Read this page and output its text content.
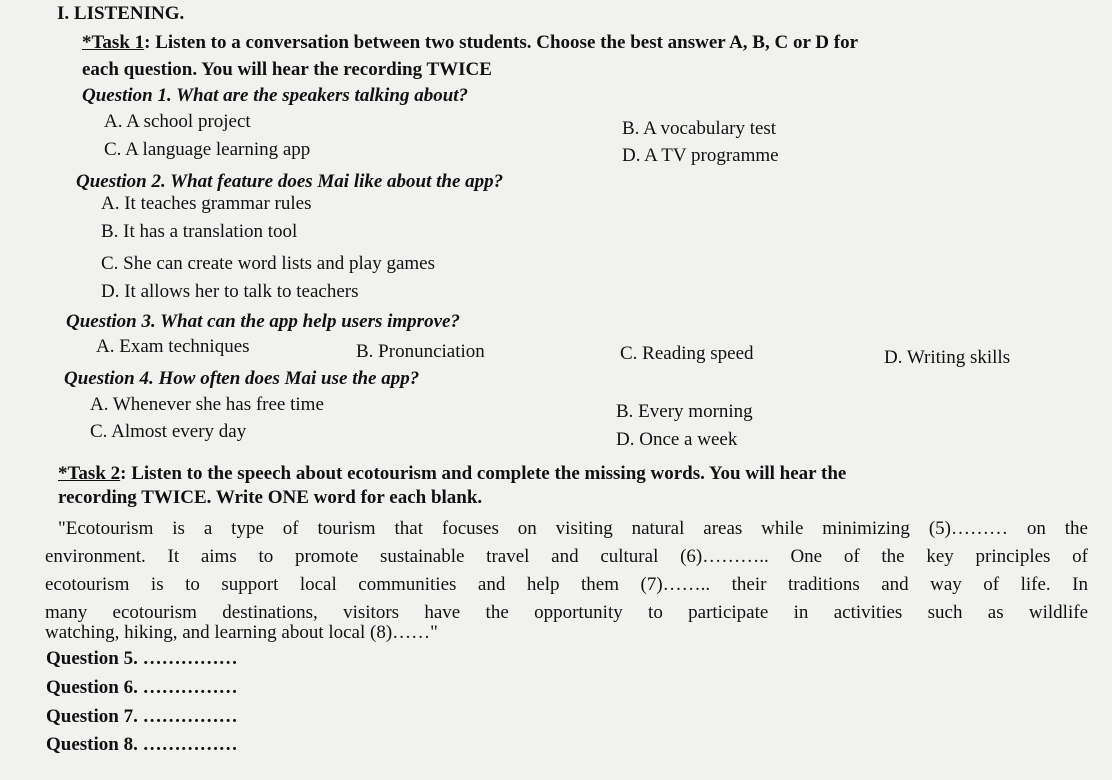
I. LISTENING.
*Task 1: Listen to a conversation between two students. Choose the best answer A, B, C or D for
each question. You will hear the recording TWICE
Question 1. What are the speakers talking about?
A. A school project	B. A vocabulary test
C. A language learning app	D. A TV programme
Question 2. What feature does Mai like about the app?
A. It teaches grammar rules
B. It has a translation tool
C. She can create word lists and play games
D. It allows her to talk to teachers
Question 3. What can the app help users improve?
A. Exam techniques	B. Pronunciation	C. Reading speed	D. Writing skills
Question 4. How often does Mai use the app?
A. Whenever she has free time	B. Every morning
C. Almost every day	D. Once a week
*Task 2: Listen to the speech about ecotourism and complete the missing words. You will hear the
recording TWICE. Write ONE word for each blank.
"Ecotourism is a type of tourism that focuses on visiting natural areas while minimizing (5)……… on the
environment. It aims to promote sustainable travel and cultural (6)……….. One of the key principles of
ecotourism is to support local communities and help them (7)…….. their traditions and way of life. In
many ecotourism destinations, visitors have the opportunity to participate in activities such as wildlife
watching, hiking, and learning about local (8)……"
Question 5. ……………
Question 6. ……………
Question 7. ……………
Question 8. ……………
